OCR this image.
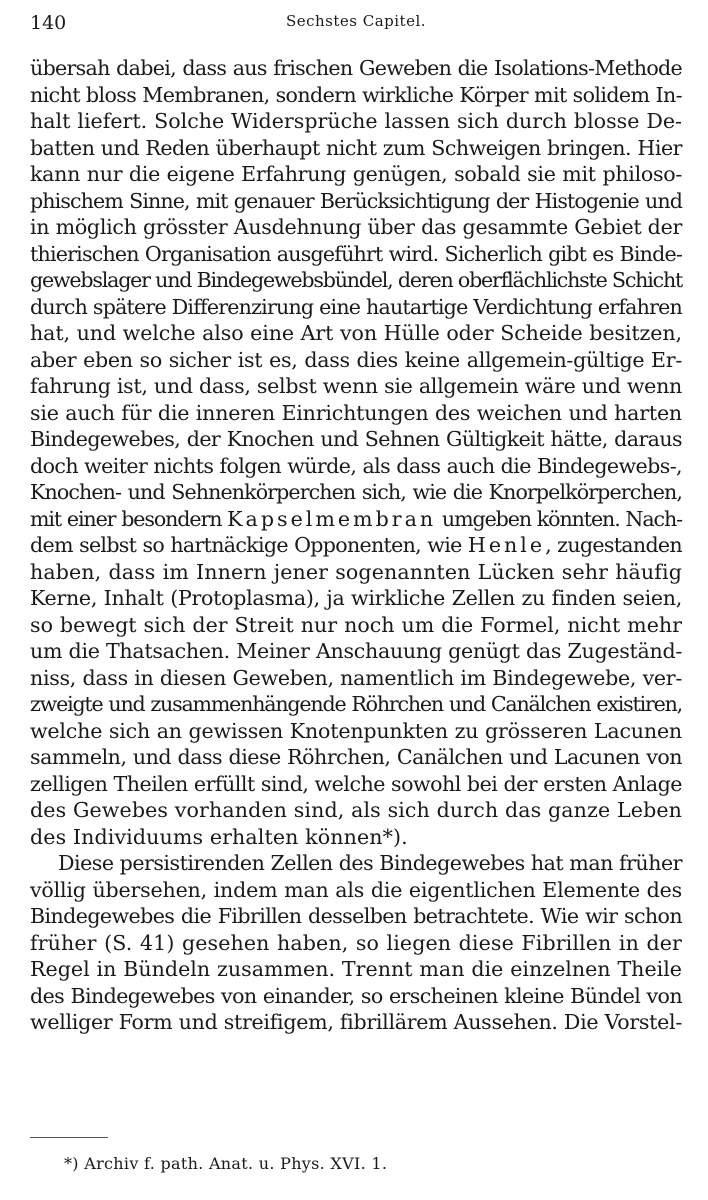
140	Sechstes Capitel.
übersah dabei, dass aus frischen Geweben die Isolations-Methode
nicht bloss Membranen, sondern wirkliche Körper mit solidem In-
halt liefert. Solche Widersprüche lassen sich durch blosse De-
batten und Reden überhaupt nicht zum Schweigen bringen. Hier
kann nur die eigene Erfahrung genügen, sobald sie mit philoso-
phischem Sinne, mit genauer Berücksichtigung der Histogenie und
in möglich grösster Ausdehnung über das gesammte Gebiet der
thierischen Organisation ausgeführt wird. Sicherlich gibt es Binde-
gewebslager und Bindegewebsbündel, deren oberflächlichste Schicht
durch spätere Differenzirung eine hautartige Verdichtung erfahren
hat, und welche also eine Art von Hülle oder Scheide besitzen,
aber eben so sicher ist es, dass dies keine allgemein-gültige Er-
fahrung ist, und dass, selbst wenn sie allgemein wäre und wenn
sie auch für die inneren Einrichtungen des weichen und harten
Bindegewebes, der Knochen und Sehnen Gültigkeit hätte, daraus
doch weiter nichts folgen würde, als dass auch die Bindegewebs-,
Knochen- und Sehnenkörperchen sich, wie die Knorpelkörperchen,
mit einer besondern Kapselmembran umgeben könnten. Nach-
dem selbst so hartnäckige Opponenten, wie Henle, zugestanden
haben, dass im Innern jener sogenannten Lücken sehr häufig
Kerne, Inhalt (Protoplasma), ja wirkliche Zellen zu finden seien,
so bewegt sich der Streit nur noch um die Formel, nicht mehr
um die Thatsachen. Meiner Anschauung genügt das Zugeständ-
niss, dass in diesen Geweben, namentlich im Bindegewebe, ver-
zweigte und zusammenhängende Röhrchen und Canälchen existiren,
welche sich an gewissen Knotenpunkten zu grösseren Lacunen
sammeln, und dass diese Röhrchen, Canälchen und Lacunen von
zelligen Theilen erfüllt sind, welche sowohl bei der ersten Anlage
des Gewebes vorhanden sind, als sich durch das ganze Leben
des Individuums erhalten können*).
Diese persistirenden Zellen des Bindegewebes hat man früher
völlig übersehen, indem man als die eigentlichen Elemente des
Bindegewebes die Fibrillen desselben betrachtete. Wie wir schon
früher (S. 41) gesehen haben, so liegen diese Fibrillen in der
Regel in Bündeln zusammen. Trennt man die einzelnen Theile
des Bindegewebes von einander, so erscheinen kleine Bündel von
welliger Form und streifigem, fibrillärem Aussehen. Die Vorstel-
*) Archiv f. path. Anat. u. Phys. XVI. 1.
